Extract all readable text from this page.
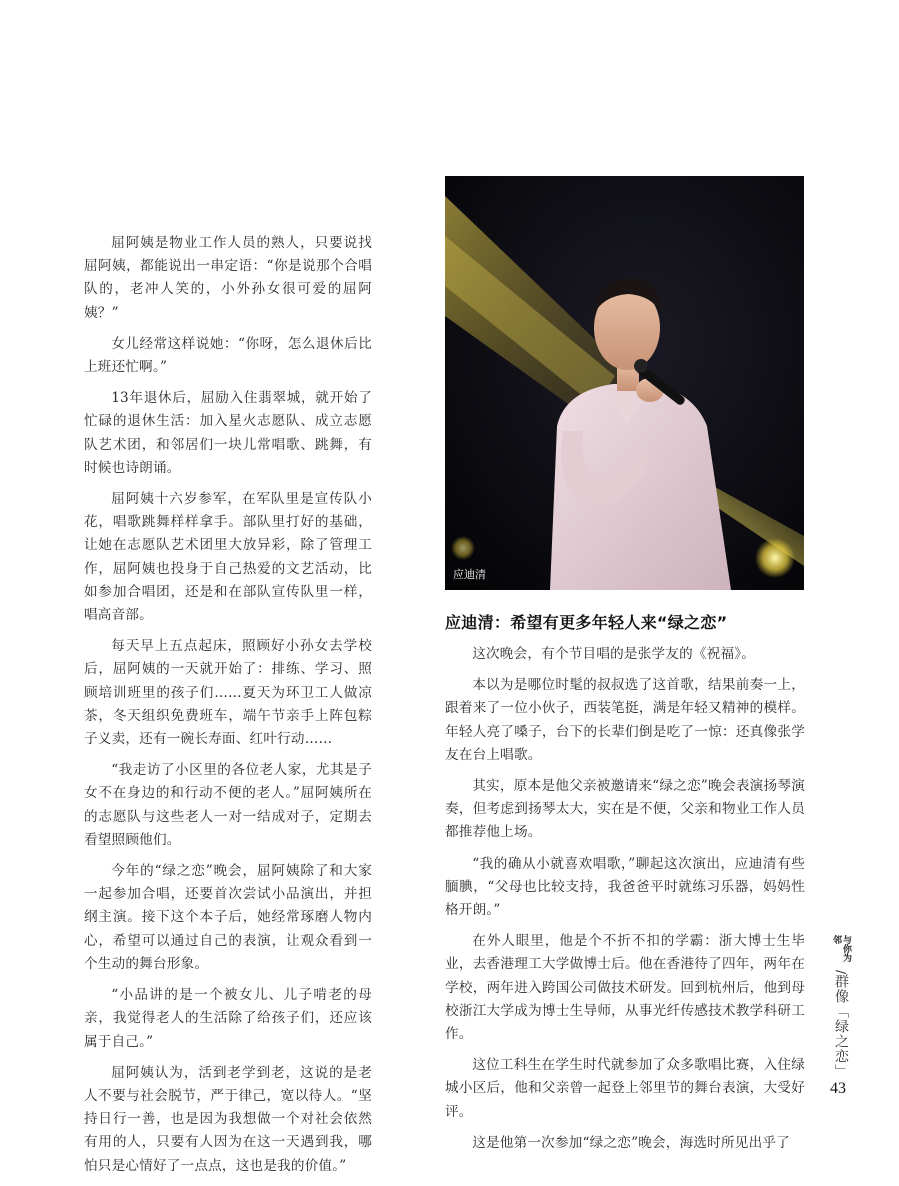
屈阿姨是物业工作人员的熟人，只要说找屈阿姨，都能说出一串定语：“你是说那个合唱队的，老冲人笑的，小外孙女很可爱的屈阿姨？”

女儿经常这样说她：“你呀，怎么退休后比上班还忙啊。”

13年退休后，屈励入住翡翠城，就开始了忙碌的退休生活：加入星火志愿队、成立志愿队艺术团，和邻居们一块儿常唱歌、跳舞，有时候也诗朗诵。

屈阿姨十六岁参军，在军队里是宣传队小花，唱歌跳舞样样拿手。部队里打好的基础，让她在志愿队艺术团里大放异彩，除了管理工作，屈阿姨也投身于自己热爱的文艺活动，比如参加合唱团，还是和在部队宣传队里一样，唱高音部。

每天早上五点起床，照顾好小孙女去学校后，屈阿姨的一天就开始了：排练、学习、照顾培训班里的孩子们……夏天为环卫工人做凉茶，冬天组织免费班车，端午节亲手上阵包粽子义卖，还有一碗长寿面、红叶行动……

“我走访了小区里的各位老人家，尤其是子女不在身边的和行动不便的老人。”屈阿姨所在的志愿队与这些老人一对一结成对子，定期去看望照顾他们。

今年的“绿之恋”晚会，屈阿姨除了和大家一起参加合唱，还要首次尝试小品演出，并担纲主演。接下这个本子后，她经常琢磨人物内心，希望可以通过自己的表演，让观众看到一个生动的舞台形象。

“小品讲的是一个被女儿、儿子啃老的母亲，我觉得老人的生活除了给孩子们，还应该属于自己。”

屈阿姨认为，活到老学到老，这说的是老人不要与社会脱节，严于律己，宽以待人。“坚持日行一善，也是因为我想做一个对社会依然有用的人，只要有人因为在这一天遇到我，哪怕只是心情好了一点点，这也是我的价值。”

应迪清
应迪清：希望有更多年轻人来“绿之恋”

这次晚会，有个节目唱的是张学友的《祝福》。

本以为是哪位时髦的叔叔选了这首歌，结果前奏一上，跟着来了一位小伙子，西装笔挺，满是年轻又精神的模样。年轻人亮了嗓子，台下的长辈们倒是吃了一惊：还真像张学友在台上唱歌。

其实，原本是他父亲被邀请来“绿之恋”晚会表演扬琴演奏，但考虑到扬琴太大，实在是不便，父亲和物业工作人员都推荐他上场。

“我的确从小就喜欢唱歌，”聊起这次演出，应迪清有些腼腆，“父母也比较支持，我爸爸平时就练习乐器，妈妈性格开朗。”

在外人眼里，他是个不折不扣的学霸：浙大博士生毕业，去香港理工大学做博士后。他在香港待了四年，两年在学校，两年进入跨国公司做技术研发。回到杭州后，他到母校浙江大学成为博士生导师，从事光纤传感技术教学科研工作。

这位工科生在学生时代就参加了众多歌唱比赛，入住绿城小区后，他和父亲曾一起登上邻里节的舞台表演，大受好评。

这是他第一次参加“绿之恋”晚会，海选时所见出乎了

与你为邻
/
群像「绿之恋」
43
